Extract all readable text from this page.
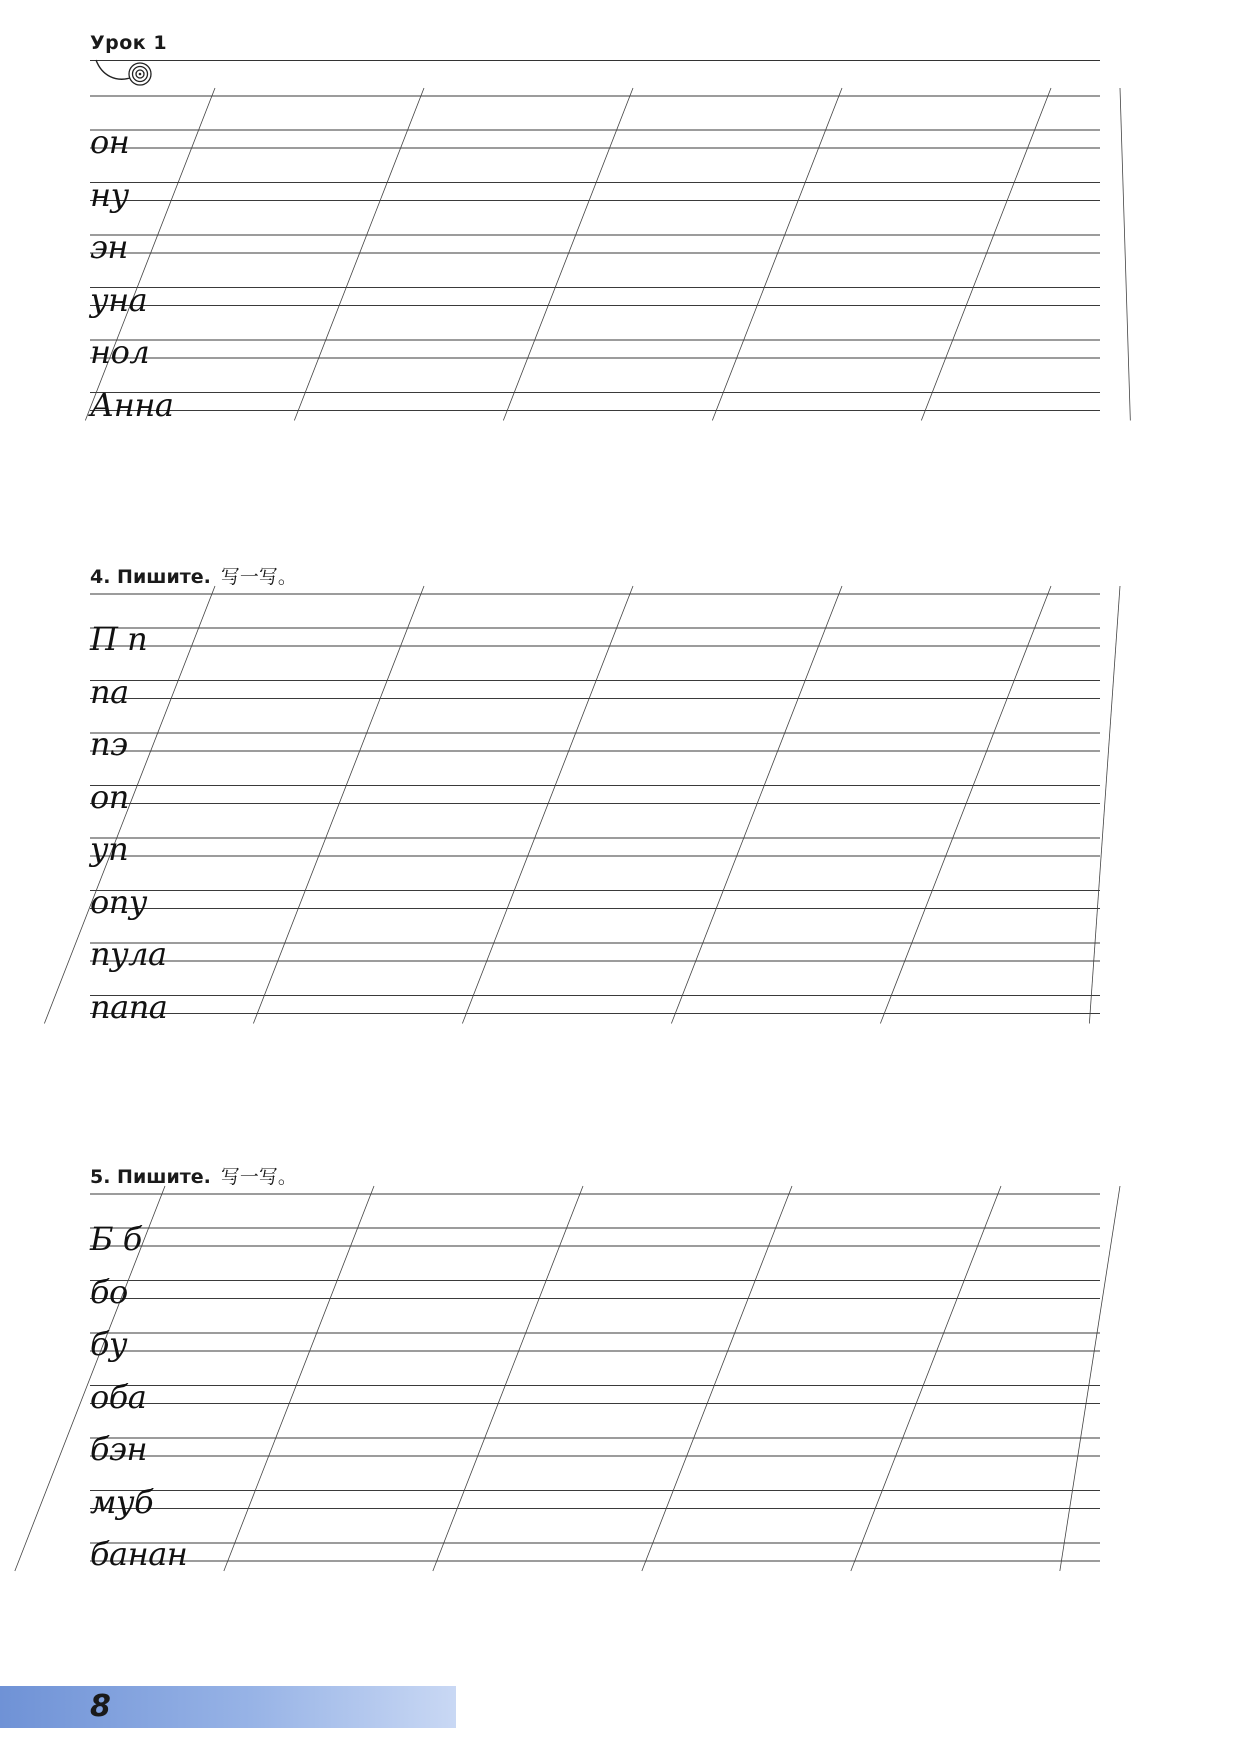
Урок 1
он
ну
эн
уна
нол
Анна
4. Пишите. 写一写。
П п
па
пэ
оп
уп
опу
пула
папа
5. Пишите. 写一写。
Б б
бо
бу
оба
бэн
муб
банан
8
